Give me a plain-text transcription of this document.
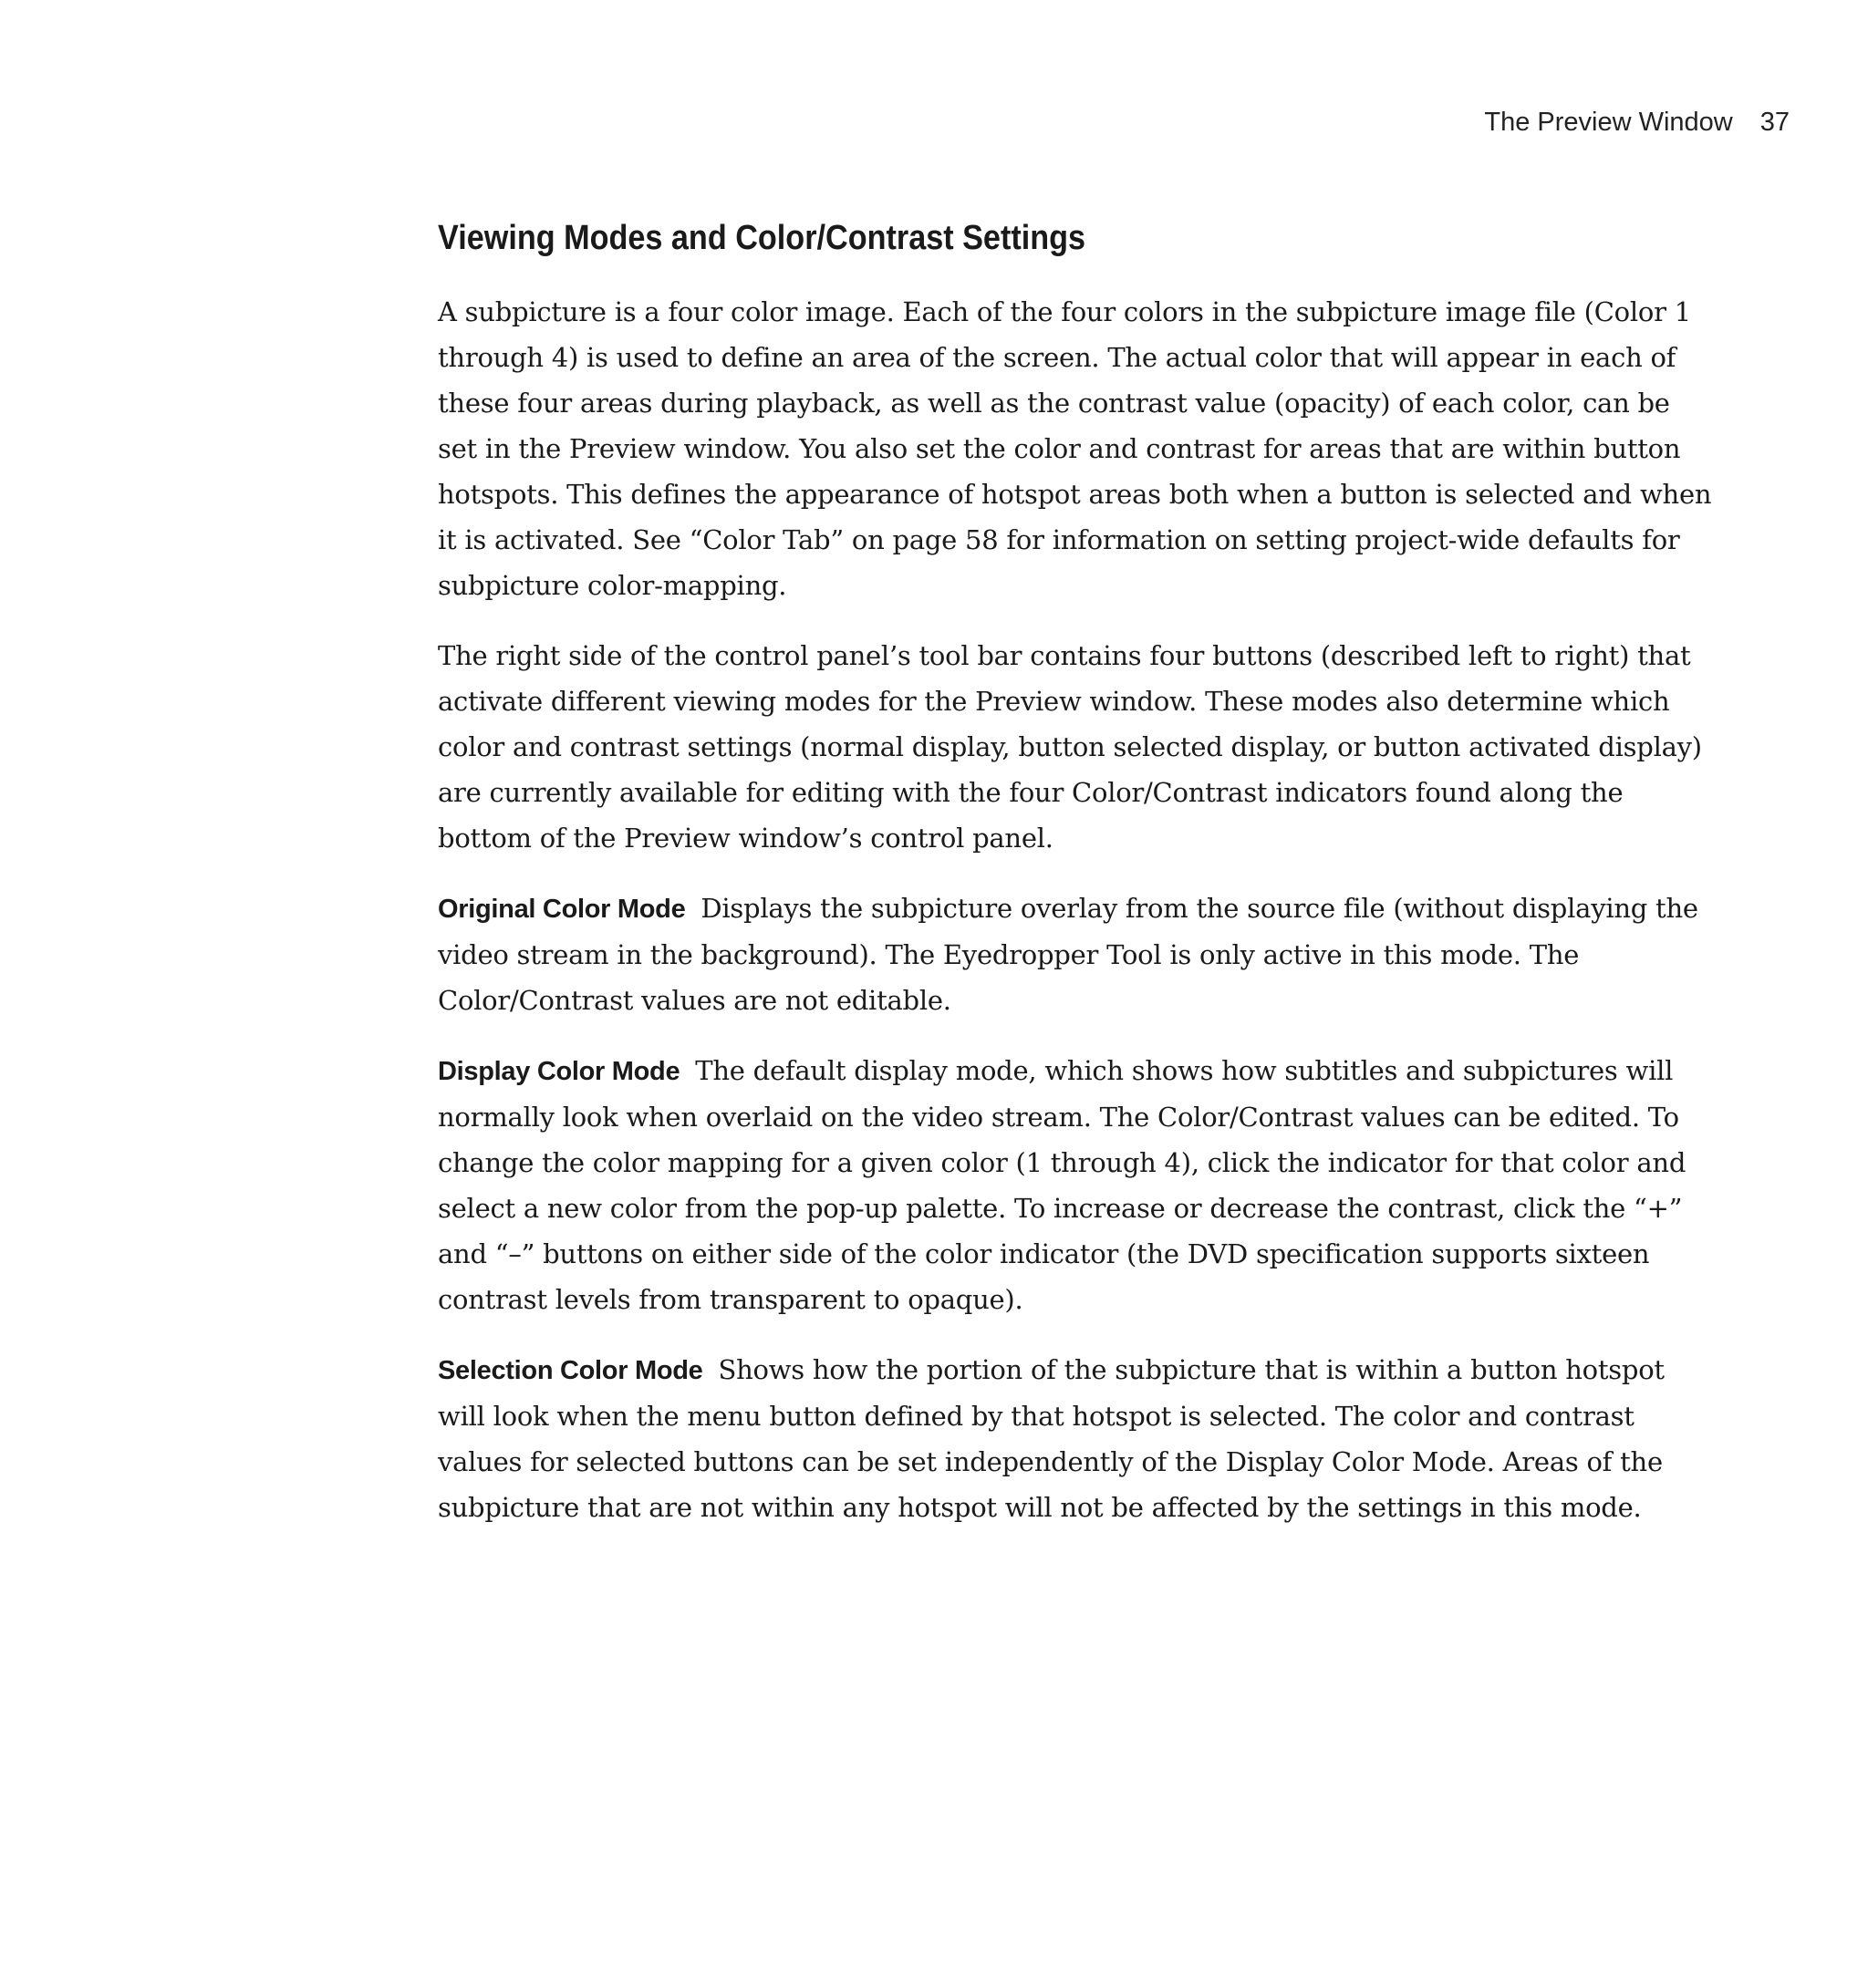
The Preview Window 37
Viewing Modes and Color/Contrast Settings

A subpicture is a four color image. Each of the four colors in the subpicture image file (Color 1 through 4) is used to define an area of the screen. The actual color that will appear in each of these four areas during playback, as well as the contrast value (opacity) of each color, can be set in the Preview window. You also set the color and contrast for areas that are within button hotspots. This defines the appearance of hotspot areas both when a button is selected and when it is activated. See “Color Tab” on page 58 for information on setting project-wide defaults for subpicture color-mapping.

The right side of the control panel’s tool bar contains four buttons (described left to right) that activate different viewing modes for the Preview window. These modes also determine which color and contrast settings (normal display, button selected display, or button activated display) are currently available for editing with the four Color/Contrast indicators found along the bottom of the Preview window’s control panel.

Original Color Mode Displays the subpicture overlay from the source file (without displaying the video stream in the background). The Eyedropper Tool is only active in this mode. The Color/Contrast values are not editable.

Display Color Mode The default display mode, which shows how subtitles and subpictures will normally look when overlaid on the video stream. The Color/Contrast values can be edited. To change the color mapping for a given color (1 through 4), click the indicator for that color and select a new color from the pop-up palette. To increase or decrease the contrast, click the “+” and “–” buttons on either side of the color indicator (the DVD specification supports sixteen contrast levels from transparent to opaque).

Selection Color Mode Shows how the portion of the subpicture that is within a button hotspot will look when the menu button defined by that hotspot is selected. The color and contrast values for selected buttons can be set independently of the Display Color Mode. Areas of the subpicture that are not within any hotspot will not be affected by the settings in this mode.
